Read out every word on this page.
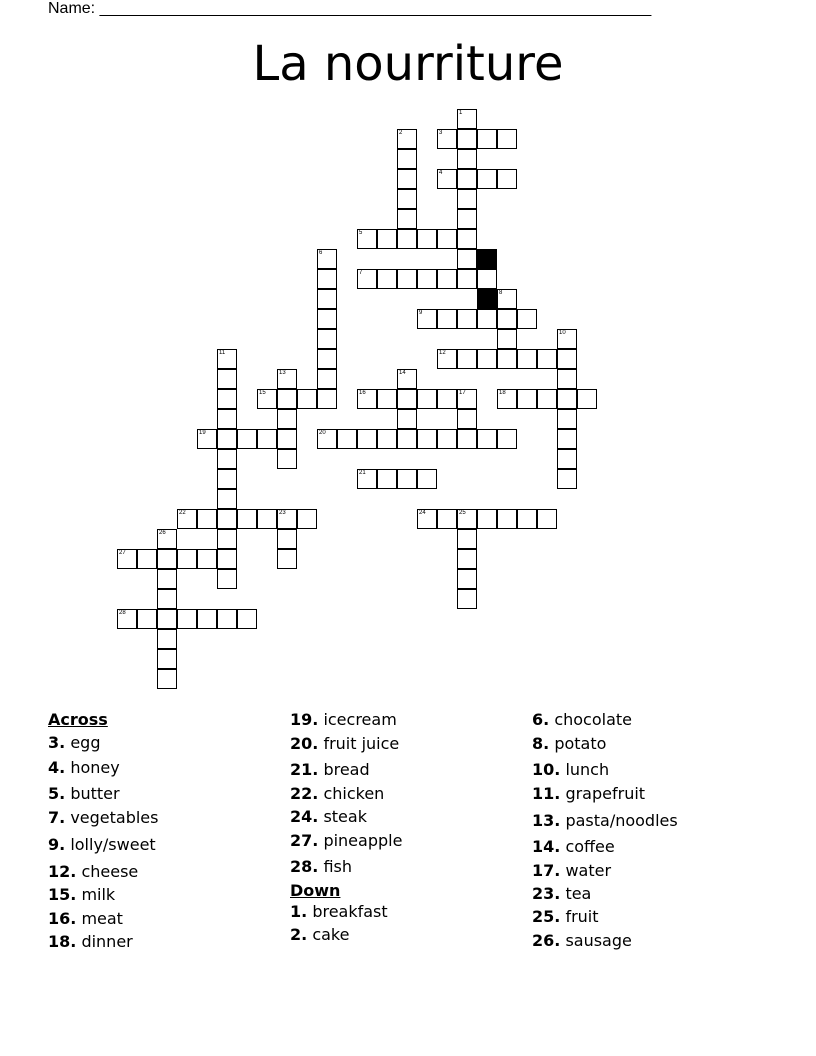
Name: ______________________________________________________________
La nourriture
3
4
5
7
9
12
15	16	17	18
19	20
21
22	23	24	25
27
28
1
2
6
8
10
11
13	14
26
Across
3. egg
4. honey
5. butter
7. vegetables
9. lolly/sweet
12. cheese
15. milk
16. meat
18. dinner
19. icecream
20. fruit juice
21. bread
22. chicken
24. steak
27. pineapple
28. fish
Down
1. breakfast
2. cake
6. chocolate
8. potato
10. lunch
11. grapefruit
13. pasta/noodles
14. coffee
17. water
23. tea
25. fruit
26. sausage
